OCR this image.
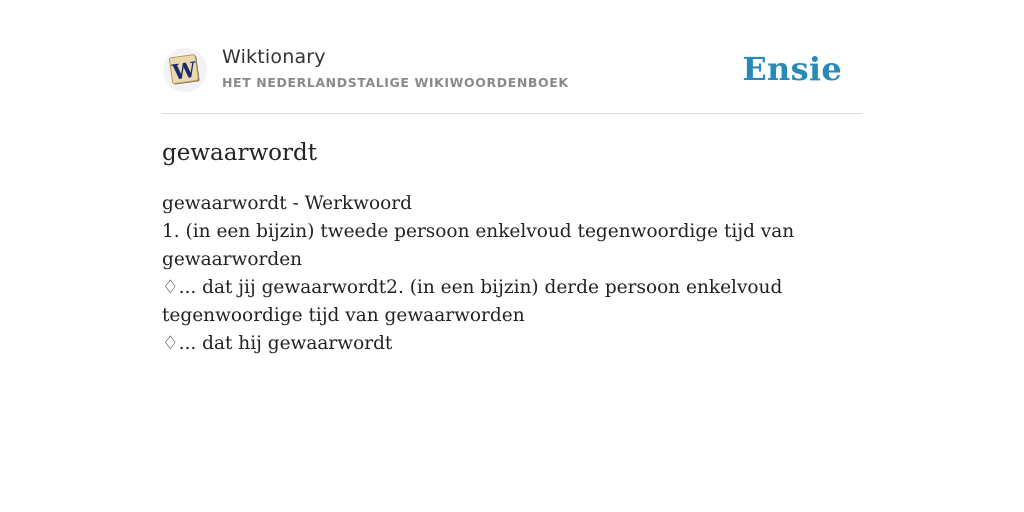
W Wiktionary
HET NEDERLANDSTALIGE WIKIWOORDENBOEK	Ensie
gewaarwordt
gewaarwordt - Werkwoord
1. (in een bijzin) tweede persoon enkelvoud tegenwoordige tijd van gewaarworden
♢... dat jij gewaarwordt2. (in een bijzin) derde persoon enkelvoud tegenwoordige tijd van gewaarworden
♢... dat hij gewaarwordt
